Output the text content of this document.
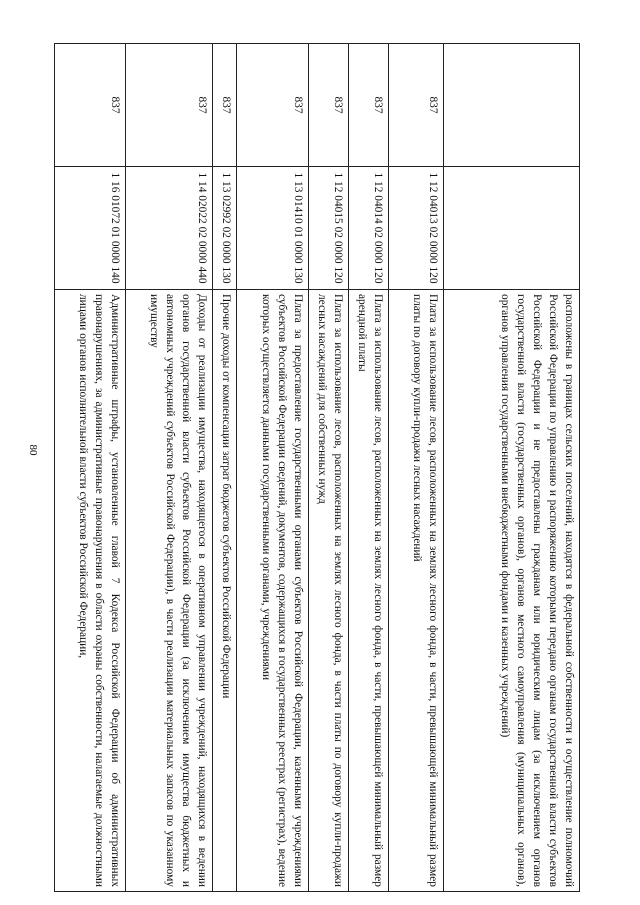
80
			расположены в границах сельских поселений, находятся в федеральной собственности и осуществление полномочий Российской Федерации по управлению и распоряжению которыми передано органам государственной власти субъектов Российской Федерации и не предоставлены гражданам или юридическим лицам (за исключением органов государственной власти (государственных органов), органов местного самоуправления (муниципальных органов), органов управления государственными внебюджетными фондами и казенных учреждений)
837	1 12 04013 02 0000 120	Плата за использование лесов, расположенных на землях лесного фонда, в части, превышающей минимальный размер платы по договору купли-продажи лесных насаждений
837	1 12 04014 02 0000 120	Плата за использование лесов, расположенных на землях лесного фонда, в части, превышающей минимальный размер арендной платы
837	1 12 04015 02 0000 120	Плата за использование лесов, расположенных на землях лесного фонда, в части платы по договору купли-продажи лесных насаждений для собственных нужд
837	1 13 01410 01 0000 130	Плата за предоставление государственными органами субъектов Российской Федерации, казенными учреждениями субъектов Российской Федерации сведений, документов, содержащихся в государственных реестрах (регистрах), ведение которых осуществляется данными государственными органами, учреждениями
837	1 13 02992 02 0000 130	Прочие доходы от компенсации затрат бюджетов субъектов Российской Федерации
837	1 14 02022 02 0000 440	Доходы от реализации имущества, находящегося в оперативном управлении учреждений, находящихся в ведении органов государственной власти субъектов Российской Федерации (за исключением имущества бюджетных и автономных учреждений субъектов Российской Федерации), в части реализации материальных запасов по указанному имуществу
837	1 16 01072 01 0000 140	Административные штрафы, установленные главой 7 Кодекса Российской Федерации об административных правонарушениях, за административные правонарушения в области охраны собственности, налагаемые должностными лицами органов исполнительной власти субъектов Российской Федерации,
